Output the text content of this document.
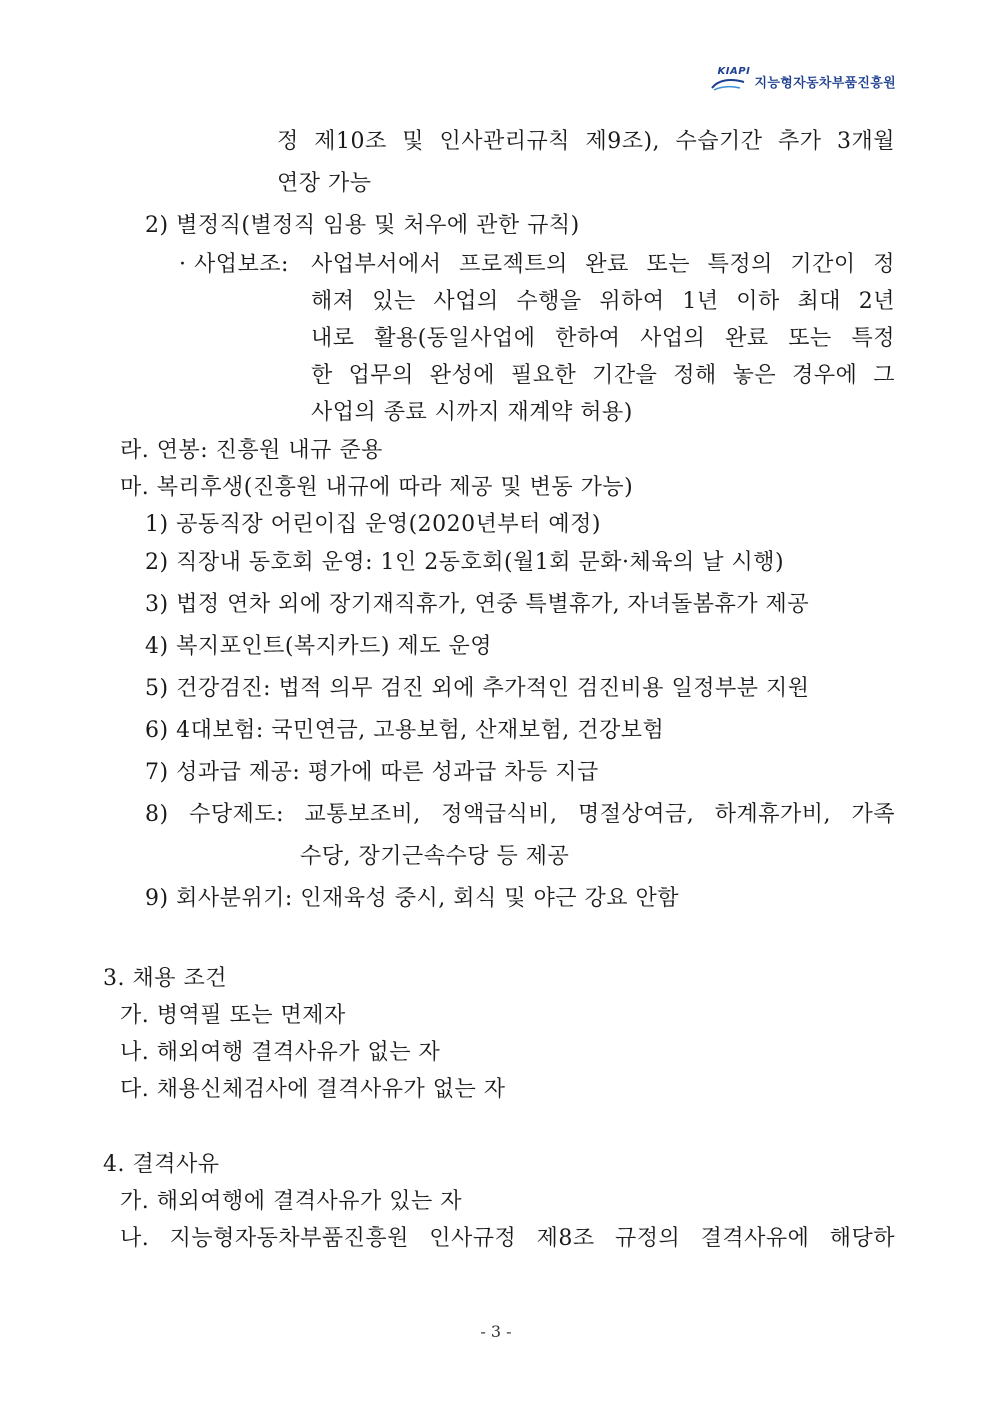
KIAPI
지능형자동차부품진흥원
정 제10조 및 인사관리규칙 제9조), 수습기간 추가 3개월
연장 가능
2) 별정직(별정직 임용 및 처우에 관한 규칙)
· 사업보조: 사업부서에서 프로젝트의 완료 또는 특정의 기간이 정
해져 있는 사업의 수행을 위하여 1년 이하 최대 2년
내로 활용(동일사업에 한하여 사업의 완료 또는 특정
한 업무의 완성에 필요한 기간을 정해 놓은 경우에 그
사업의 종료 시까지 재계약 허용)
라. 연봉: 진흥원 내규 준용
마. 복리후생(진흥원 내규에 따라 제공 및 변동 가능)
1) 공동직장 어린이집 운영(2020년부터 예정)
2) 직장내 동호회 운영: 1인 2동호회(월1회 문화·체육의 날 시행)
3) 법정 연차 외에 장기재직휴가, 연중 특별휴가, 자녀돌봄휴가 제공
4) 복지포인트(복지카드) 제도 운영
5) 건강검진: 법적 의무 검진 외에 추가적인 검진비용 일정부분 지원
6) 4대보험: 국민연금, 고용보험, 산재보험, 건강보험
7) 성과급 제공: 평가에 따른 성과급 차등 지급
8) 수당제도: 교통보조비, 정액급식비, 명절상여금, 하계휴가비, 가족
수당, 장기근속수당 등 제공
9) 회사분위기: 인재육성 중시, 회식 및 야근 강요 안함
3. 채용 조건
가. 병역필 또는 면제자
나. 해외여행 결격사유가 없는 자
다. 채용신체검사에 결격사유가 없는 자
4. 결격사유
가. 해외여행에 결격사유가 있는 자
나. 지능형자동차부품진흥원 인사규정 제8조 규정의 결격사유에 해당하
- 3 -
